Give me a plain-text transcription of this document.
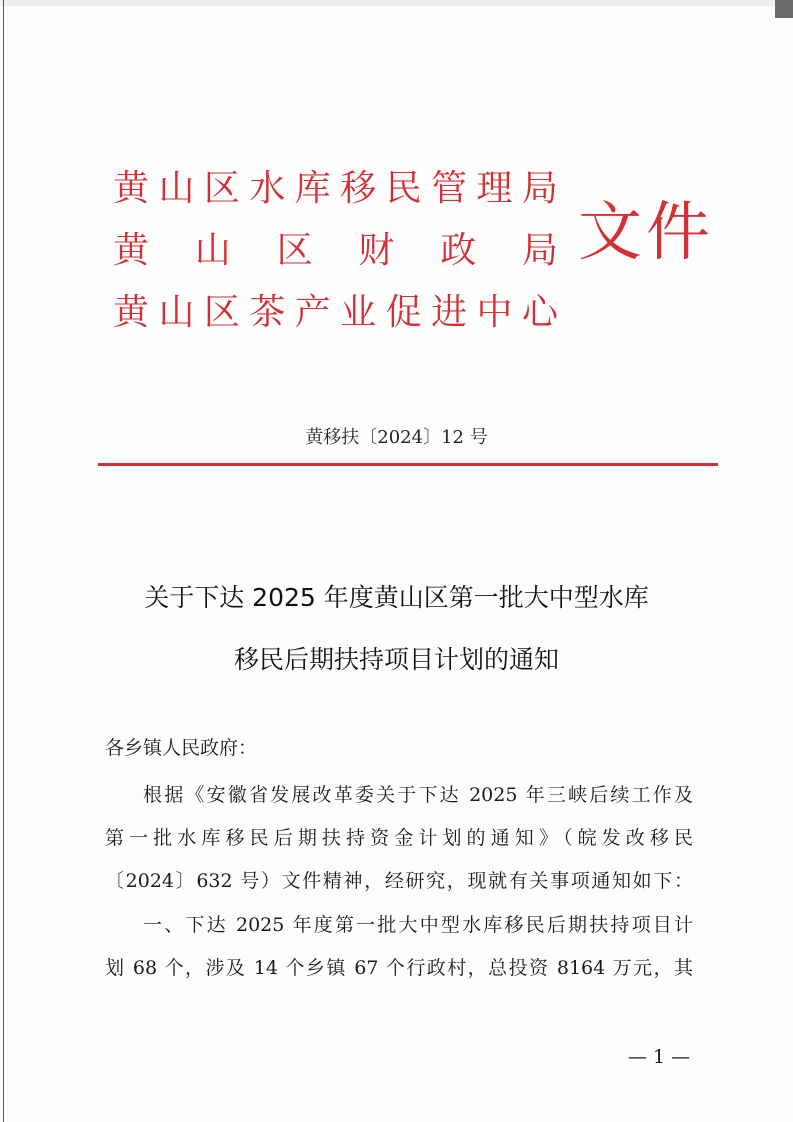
黄 山 区 水 库 移 民 管 理 局
黄 山 区 财 政 局
黄 山 区 茶 产 业 促 进 中 心
文件
黄移扶〔2024〕12 号
关于下达 2025 年度黄山区第一批大中型水库
移民后期扶持项目计划的通知
各乡镇人民政府：
根据《安徽省发展改革委关于下达 2025 年三峡后续工作及
第一批水库移民后期扶持资金计划的通知》（皖发改移民
〔2024〕632 号）文件精神，经研究，现就有关事项通知如下：
一、下达 2025 年度第一批大中型水库移民后期扶持项目计
划 68 个，涉及 14 个乡镇 67 个行政村，总投资 8164 万元，其
— 1 —
